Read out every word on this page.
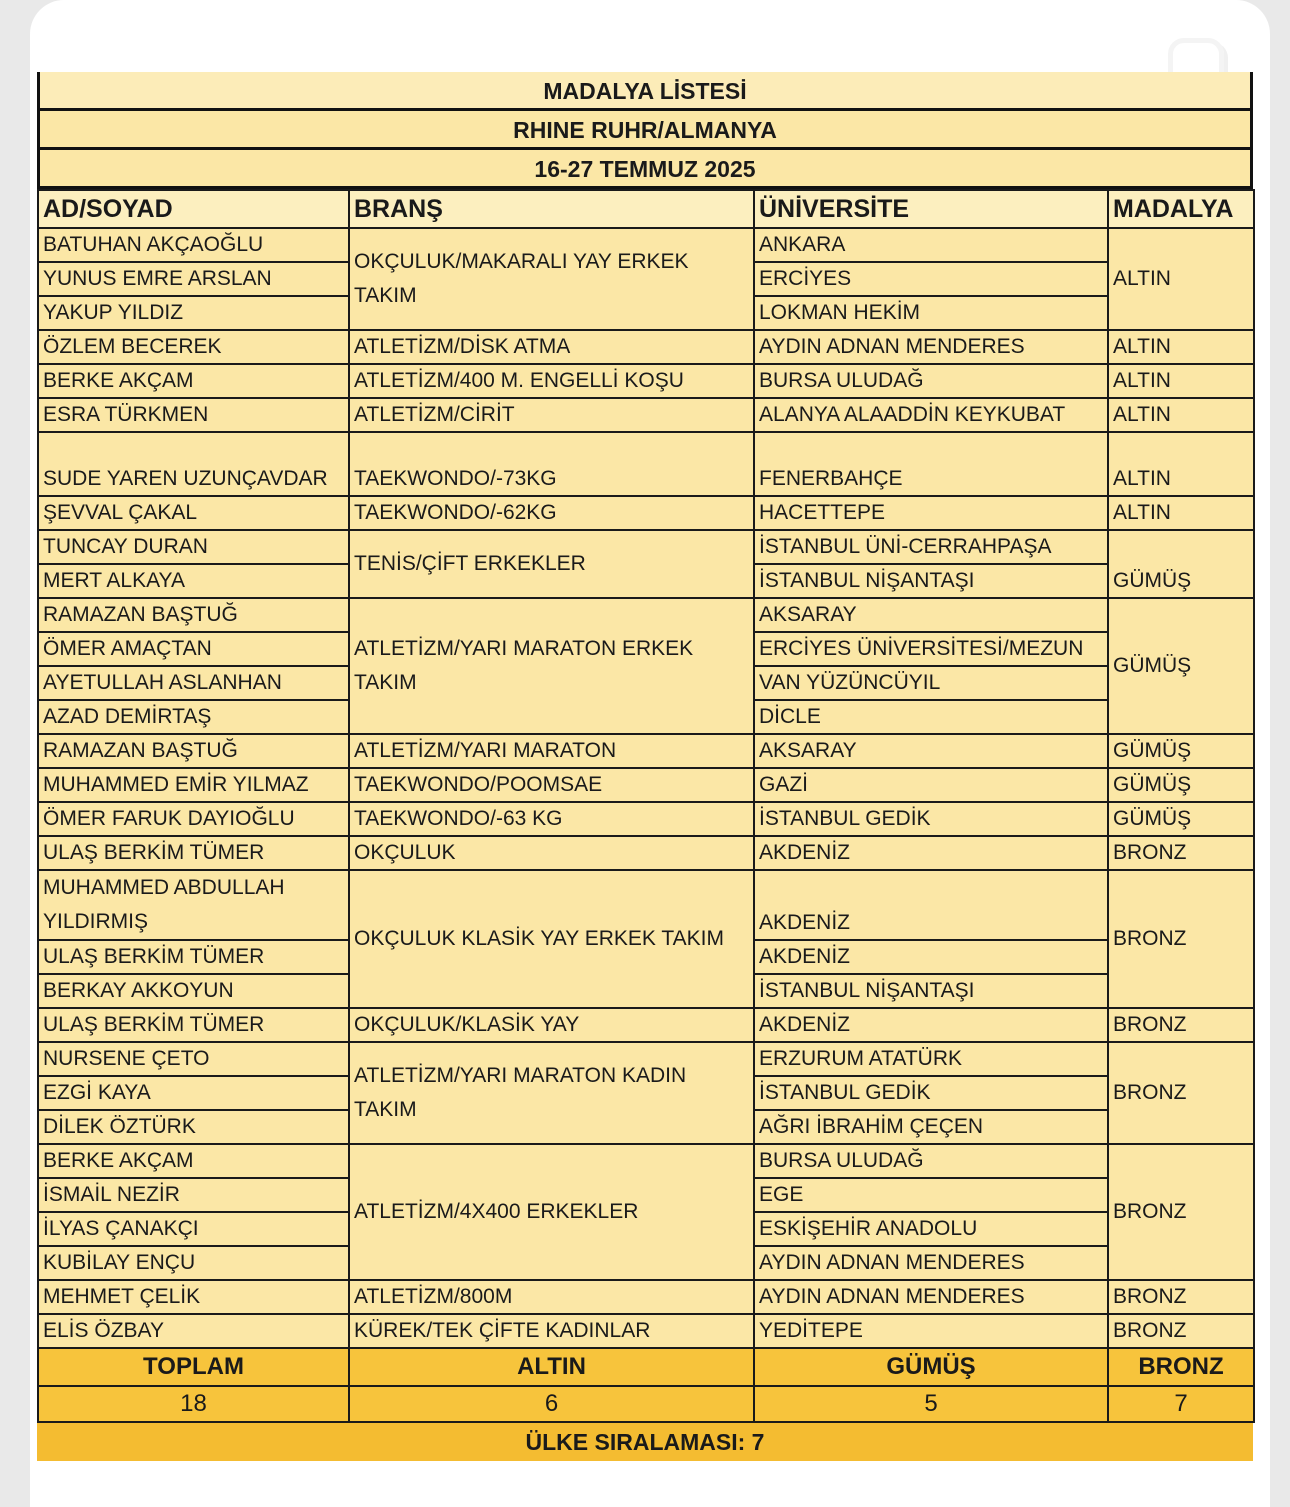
MADALYA LİSTESİ
RHINE RUHR/ALMANYA
16-27 TEMMUZ 2025
AD/SOYAD	BRANŞ	ÜNİVERSİTE	MADALYA
BATUHAN AKÇAOĞLU	OKÇULUK/MAKARALI YAY ERKEK TAKIM	ANKARA	ALTIN
YUNUS EMRE ARSLAN		ERCİYES	
YAKUP YILDIZ		LOKMAN HEKİM	
ÖZLEM BECEREK	ATLETİZM/DİSK ATMA	AYDIN ADNAN MENDERES	ALTIN
BERKE AKÇAM	ATLETİZM/400 M. ENGELLİ KOŞU	BURSA ULUDAĞ	ALTIN
ESRA TÜRKMEN	ATLETİZM/CİRİT	ALANYA ALAADDİN KEYKUBAT	ALTIN
SUDE YAREN UZUNÇAVDAR	TAEKWONDO/-73KG	FENERBAHÇE	ALTIN
ŞEVVAL ÇAKAL	TAEKWONDO/-62KG	HACETTEPE	ALTIN
TUNCAY DURAN	TENİS/ÇİFT ERKEKLER	İSTANBUL ÜNİ-CERRAHPAŞA	GÜMÜŞ
MERT ALKAYA		İSTANBUL NİŞANTAŞI	
RAMAZAN BAŞTUĞ	ATLETİZM/YARI MARATON ERKEK TAKIM	AKSARAY	GÜMÜŞ
ÖMER AMAÇTAN		ERCİYES ÜNİVERSİTESİ/MEZUN	
AYETULLAH ASLANHAN		VAN YÜZÜNCÜYIL	
AZAD DEMİRTAŞ		DİCLE	
RAMAZAN BAŞTUĞ	ATLETİZM/YARI MARATON	AKSARAY	GÜMÜŞ
MUHAMMED EMİR YILMAZ	TAEKWONDO/POOMSAE	GAZİ	GÜMÜŞ
ÖMER FARUK DAYIOĞLU	TAEKWONDO/-63 KG	İSTANBUL GEDİK	GÜMÜŞ
ULAŞ BERKİM TÜMER	OKÇULUK	AKDENİZ	BRONZ
MUHAMMED ABDULLAH YILDIRMIŞ	OKÇULUK KLASİK YAY ERKEK TAKIM	AKDENİZ	BRONZ
ULAŞ BERKİM TÜMER		AKDENİZ	
BERKAY AKKOYUN		İSTANBUL NİŞANTAŞI	
ULAŞ BERKİM TÜMER	OKÇULUK/KLASİK YAY	AKDENİZ	BRONZ
NURSENE ÇETO	ATLETİZM/YARI MARATON KADIN TAKIM	ERZURUM ATATÜRK	BRONZ
EZGİ KAYA		İSTANBUL GEDİK	
DİLEK ÖZTÜRK		AĞRI İBRAHİM ÇEÇEN	
BERKE AKÇAM	ATLETİZM/4X400 ERKEKLER	BURSA ULUDAĞ	BRONZ
İSMAİL NEZİR		EGE	
İLYAS ÇANAKÇI		ESKİŞEHİR ANADOLU	
KUBİLAY ENÇU		AYDIN ADNAN MENDERES	
MEHMET ÇELİK	ATLETİZM/800M	AYDIN ADNAN MENDERES	BRONZ
ELİS ÖZBAY	KÜREK/TEK ÇİFTE KADINLAR	YEDİTEPE	BRONZ
TOPLAM	ALTIN	GÜMÜŞ	BRONZ
18	6	5	7
ÜLKE SIRALAMASI: 7
